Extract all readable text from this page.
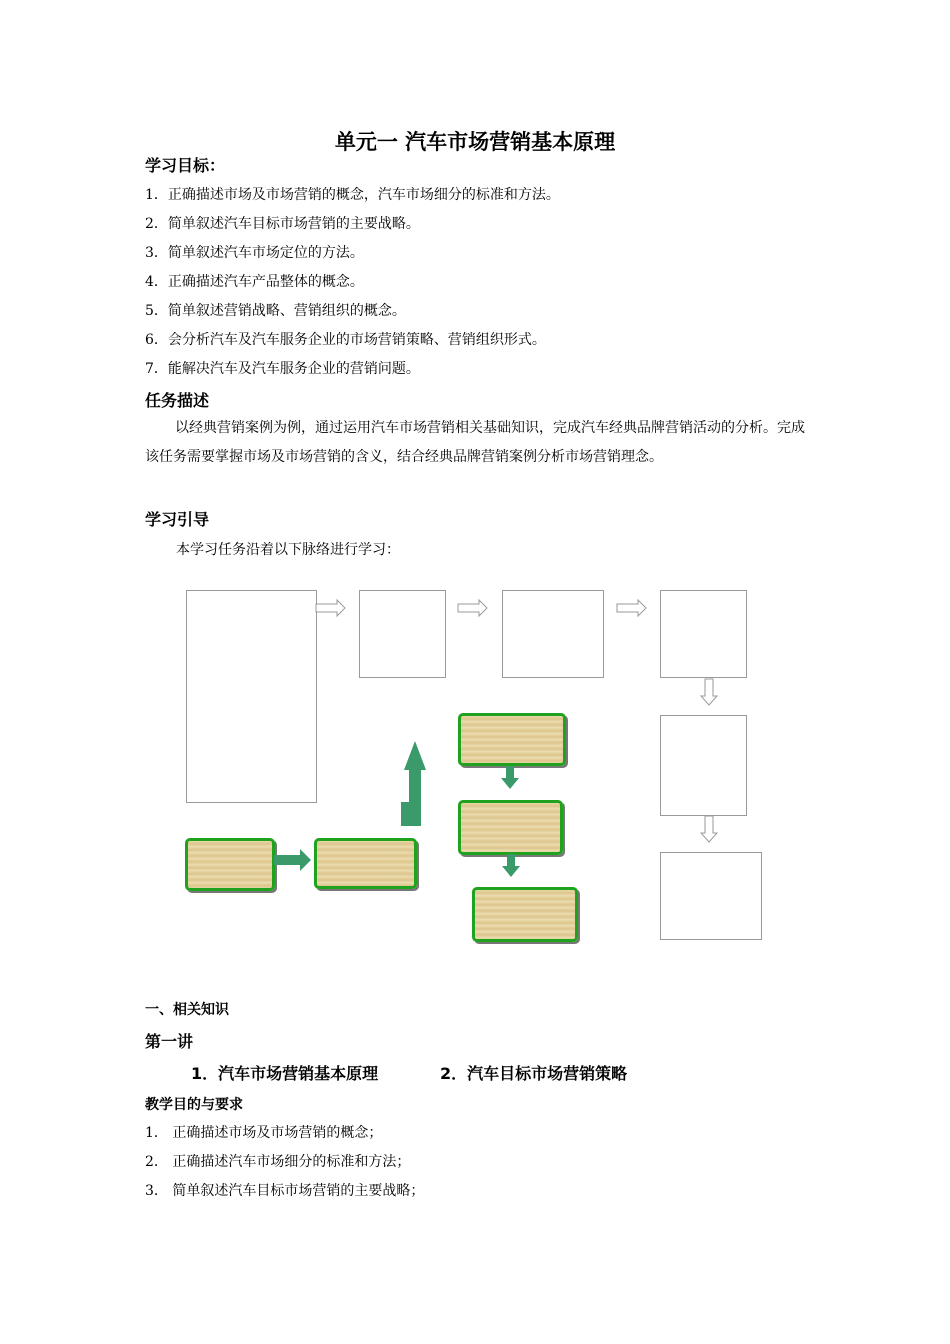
单元一 汽车市场营销基本原理
学习目标：
1．正确描述市场及市场营销的概念，汽车市场细分的标准和方法。
2．简单叙述汽车目标市场营销的主要战略。
3．简单叙述汽车市场定位的方法。
4．正确描述汽车产品整体的概念。
5．简单叙述营销战略、营销组织的概念。
6．会分析汽车及汽车服务企业的市场营销策略、营销组织形式。
7．能解决汽车及汽车服务企业的营销问题。
任务描述
以经典营销案例为例，通过运用汽车市场营销相关基础知识，完成汽车经典品牌营销活动的分析。完成该任务需要掌握市场及市场营销的含义，结合经典品牌营销案例分析市场营销理念。
学习引导
本学习任务沿着以下脉络进行学习：
一、相关知识
第一讲
1．汽车市场营销基本原理	2．汽车目标市场营销策略
教学目的与要求
1． 正确描述市场及市场营销的概念；
2． 正确描述汽车市场细分的标准和方法；
3． 简单叙述汽车目标市场营销的主要战略；
